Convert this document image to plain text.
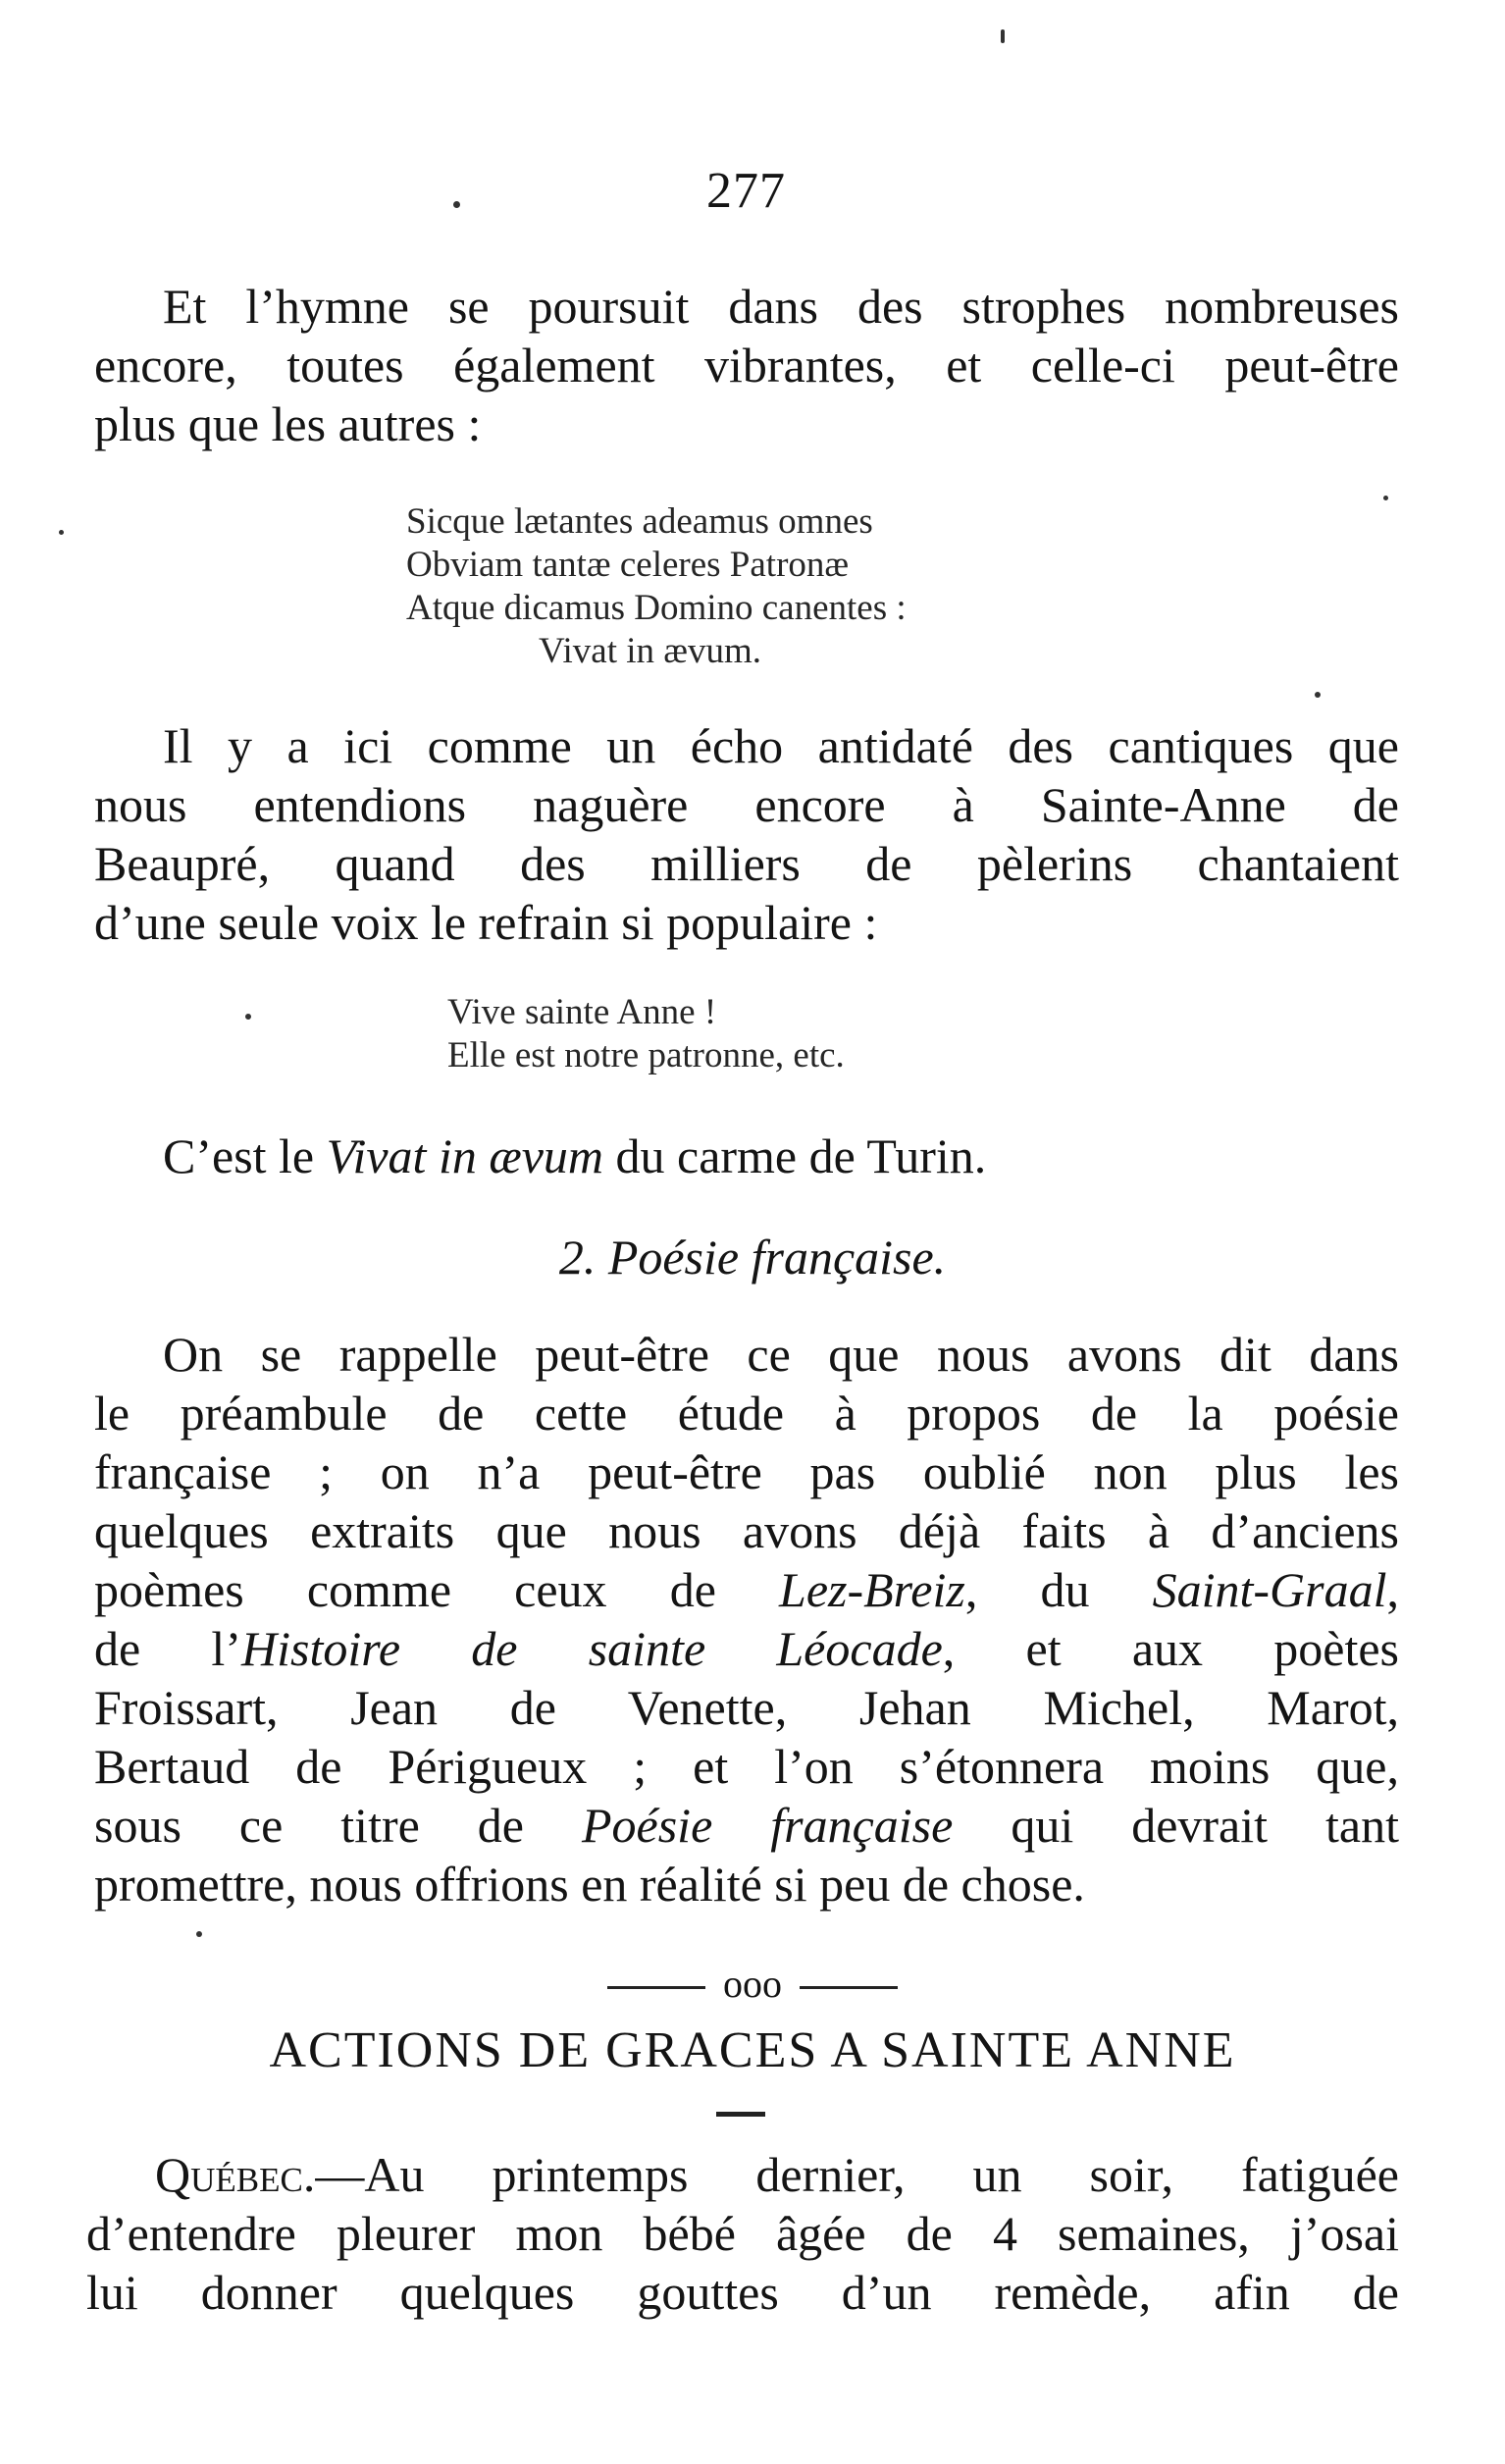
277
Et l’hymne se poursuit dans des strophes nombreuses
encore, toutes également vibrantes, et celle-ci peut-être
plus que les autres :
Sicque lætantes adeamus omnes
Obviam tantæ celeres Patronæ
Atque dicamus Domino canentes :
Vivat in ævum.
Il y a ici comme un écho antidaté des cantiques que
nous entendions naguère encore à Sainte-Anne de
Beaupré, quand des milliers de pèlerins chantaient
d’une seule voix le refrain si populaire :
Vive sainte Anne !
Elle est notre patronne, etc.
C’est le Vivat in ævum du carme de Turin.
2. Poésie française.
On se rappelle peut-être ce que nous avons dit dans
le préambule de cette étude à propos de la poésie
française ; on n’a peut-être pas oublié non plus les
quelques extraits que nous avons déjà faits à d’anciens
poèmes comme ceux de Lez-Breiz, du Saint-Graal,
de l’Histoire de sainte Léocade, et aux poètes
Froissart, Jean de Venette, Jehan Michel, Marot,
Bertaud de Périgueux ; et l’on s’étonnera moins que,
sous ce titre de Poésie française qui devrait tant
promettre, nous offrions en réalité si peu de chose.
ooo
ACTIONS DE GRACES A SAINTE ANNE
Québec.—Au printemps dernier, un soir, fatiguée
d’entendre pleurer mon bébé âgée de 4 semaines, j’osai
lui donner quelques gouttes d’un remède, afin de
